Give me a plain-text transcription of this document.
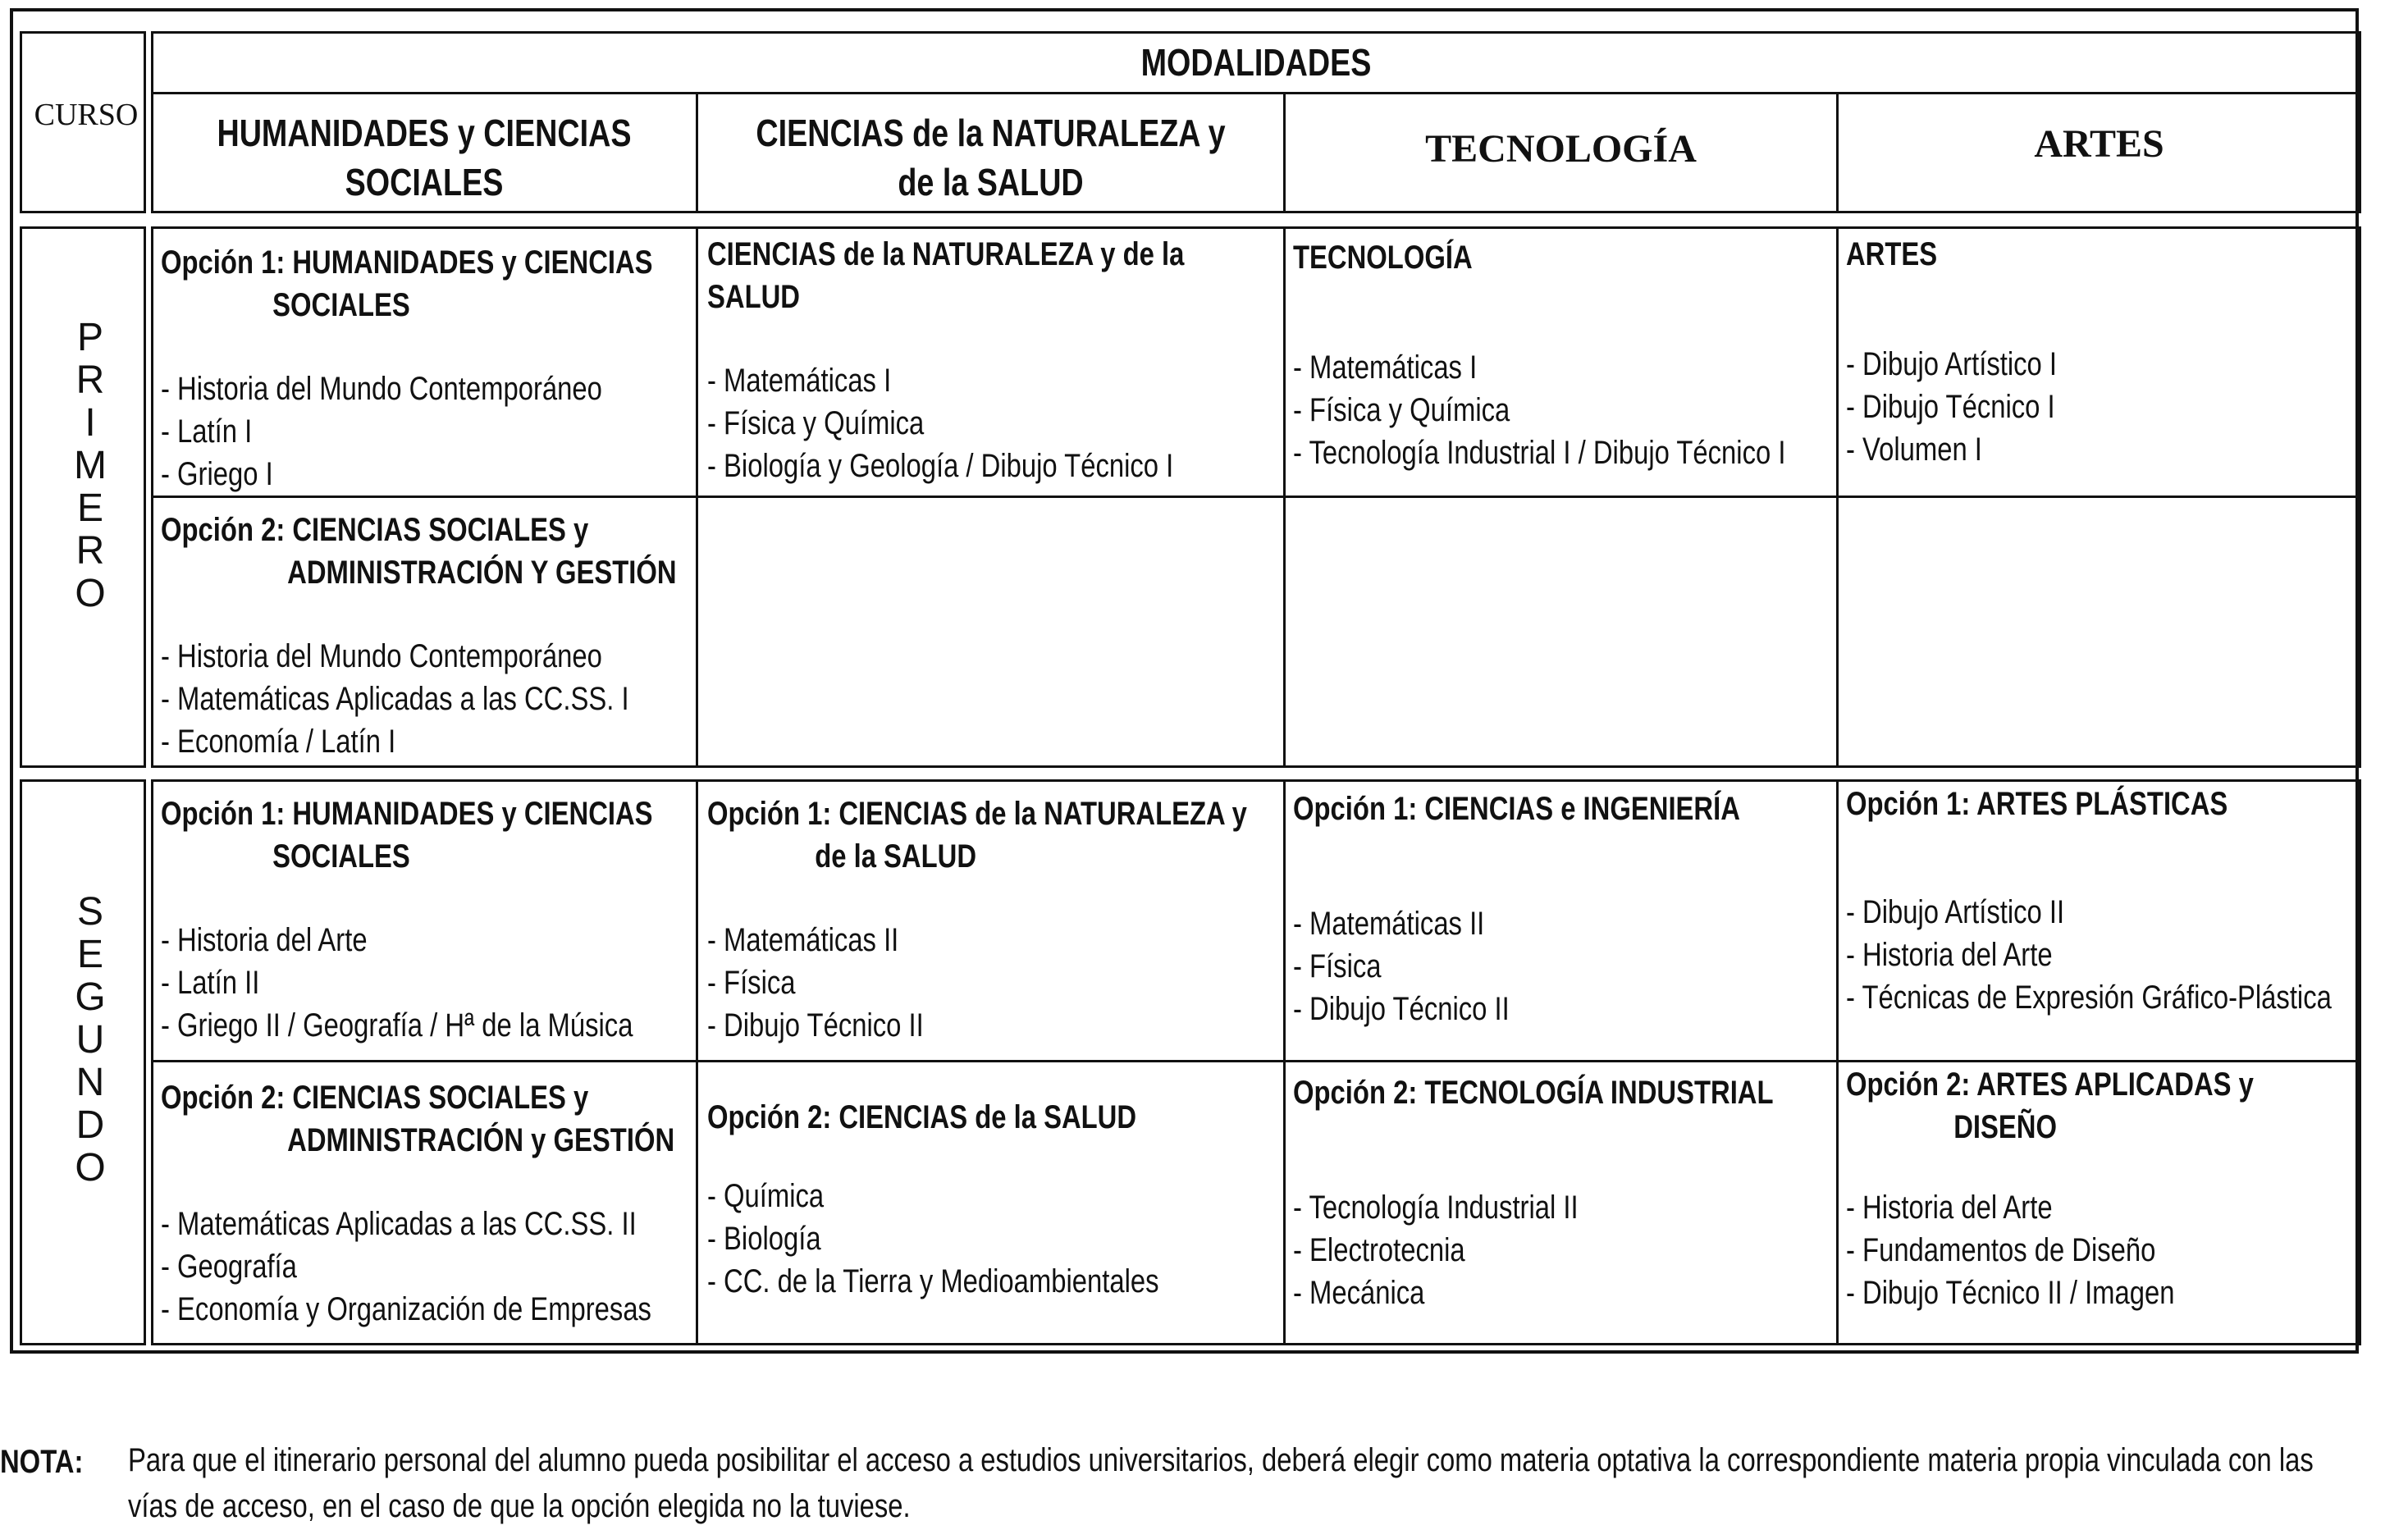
CURSO
MODALIDADES
HUMANIDADES y CIENCIAS
SOCIALES
CIENCIAS de la NATURALEZA y
de la SALUD
TECNOLOGÍA	ARTES
P
R
I
M
E
R
O
S
E
G
U
N
D
O
Opción 1: HUMANIDADES y CIENCIAS
SOCIALES
- Historia del Mundo Contemporáneo
- Latín I
- Griego I
Opción 2: CIENCIAS SOCIALES y
ADMINISTRACIÓN Y GESTIÓN
- Historia del Mundo Contemporáneo
- Matemáticas Aplicadas a las CC.SS. I
- Economía / Latín I
CIENCIAS de la NATURALEZA y de la
SALUD
- Matemáticas I
- Física y Química
- Biología y Geología / Dibujo Técnico I
TECNOLOGÍA
- Matemáticas I
- Física y Química
- Tecnología Industrial I / Dibujo Técnico I
ARTES
- Dibujo Artístico I
- Dibujo Técnico I
- Volumen I
Opción 1: HUMANIDADES y CIENCIAS
SOCIALES
- Historia del Arte
- Latín II
- Griego II / Geografía / Hª de la Música
Opción 2: CIENCIAS SOCIALES y
ADMINISTRACIÓN y GESTIÓN
- Matemáticas Aplicadas a las CC.SS. II
- Geografía
- Economía y Organización de Empresas
Opción 1: CIENCIAS de la NATURALEZA y
de la SALUD
- Matemáticas II
- Física
- Dibujo Técnico II
Opción 2: CIENCIAS de la SALUD
- Química
- Biología
- CC. de la Tierra y Medioambientales
Opción 1: CIENCIAS e INGENIERÍA
- Matemáticas II
- Física
- Dibujo Técnico II
Opción 2: TECNOLOGÍA INDUSTRIAL
- Tecnología Industrial II
- Electrotecnia
- Mecánica
Opción 1: ARTES PLÁSTICAS
- Dibujo Artístico II
- Historia del Arte
- Técnicas de Expresión Gráfico-Plástica
Opción 2: ARTES APLICADAS y
DISEÑO
- Historia del Arte
- Fundamentos de Diseño
- Dibujo Técnico II / Imagen
NOTA: Para que el itinerario personal del alumno pueda posibilitar el acceso a estudios universitarios, deberá elegir como materia optativa la correspondiente materia propia vinculada con las
vías de acceso, en el caso de que la opción elegida no la tuviese.
